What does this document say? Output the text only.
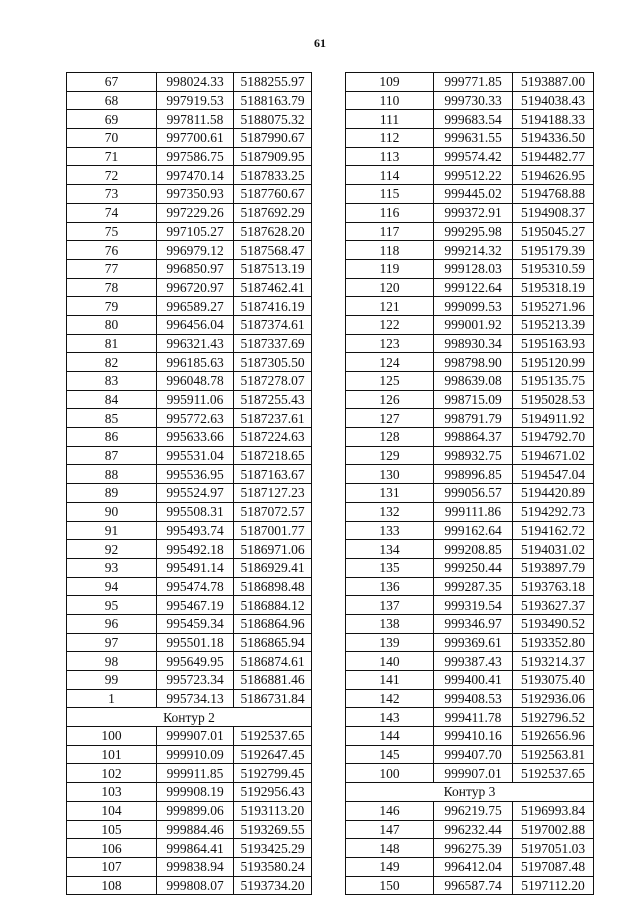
61
67	998024.33	5188255.97
68	997919.53	5188163.79
69	997811.58	5188075.32
70	997700.61	5187990.67
71	997586.75	5187909.95
72	997470.14	5187833.25
73	997350.93	5187760.67
74	997229.26	5187692.29
75	997105.27	5187628.20
76	996979.12	5187568.47
77	996850.97	5187513.19
78	996720.97	5187462.41
79	996589.27	5187416.19
80	996456.04	5187374.61
81	996321.43	5187337.69
82	996185.63	5187305.50
83	996048.78	5187278.07
84	995911.06	5187255.43
85	995772.63	5187237.61
86	995633.66	5187224.63
87	995531.04	5187218.65
88	995536.95	5187163.67
89	995524.97	5187127.23
90	995508.31	5187072.57
91	995493.74	5187001.77
92	995492.18	5186971.06
93	995491.14	5186929.41
94	995474.78	5186898.48
95	995467.19	5186884.12
96	995459.34	5186864.96
97	995501.18	5186865.94
98	995649.95	5186874.61
99	995723.34	5186881.46
1	995734.13	5186731.84
Контур 2		
100	999907.01	5192537.65
101	999910.09	5192647.45
102	999911.85	5192799.45
103	999908.19	5192956.43
104	999899.06	5193113.20
105	999884.46	5193269.55
106	999864.41	5193425.29
107	999838.94	5193580.24
108	999808.07	5193734.20
109	999771.85	5193887.00
110	999730.33	5194038.43
111	999683.54	5194188.33
112	999631.55	5194336.50
113	999574.42	5194482.77
114	999512.22	5194626.95
115	999445.02	5194768.88
116	999372.91	5194908.37
117	999295.98	5195045.27
118	999214.32	5195179.39
119	999128.03	5195310.59
120	999122.64	5195318.19
121	999099.53	5195271.96
122	999001.92	5195213.39
123	998930.34	5195163.93
124	998798.90	5195120.99
125	998639.08	5195135.75
126	998715.09	5195028.53
127	998791.79	5194911.92
128	998864.37	5194792.70
129	998932.75	5194671.02
130	998996.85	5194547.04
131	999056.57	5194420.89
132	999111.86	5194292.73
133	999162.64	5194162.72
134	999208.85	5194031.02
135	999250.44	5193897.79
136	999287.35	5193763.18
137	999319.54	5193627.37
138	999346.97	5193490.52
139	999369.61	5193352.80
140	999387.43	5193214.37
141	999400.41	5193075.40
142	999408.53	5192936.06
143	999411.78	5192796.52
144	999410.16	5192656.96
145	999407.70	5192563.81
100	999907.01	5192537.65
Контур 3		
146	996219.75	5196993.84
147	996232.44	5197002.88
148	996275.39	5197051.03
149	996412.04	5197087.48
150	996587.74	5197112.20
